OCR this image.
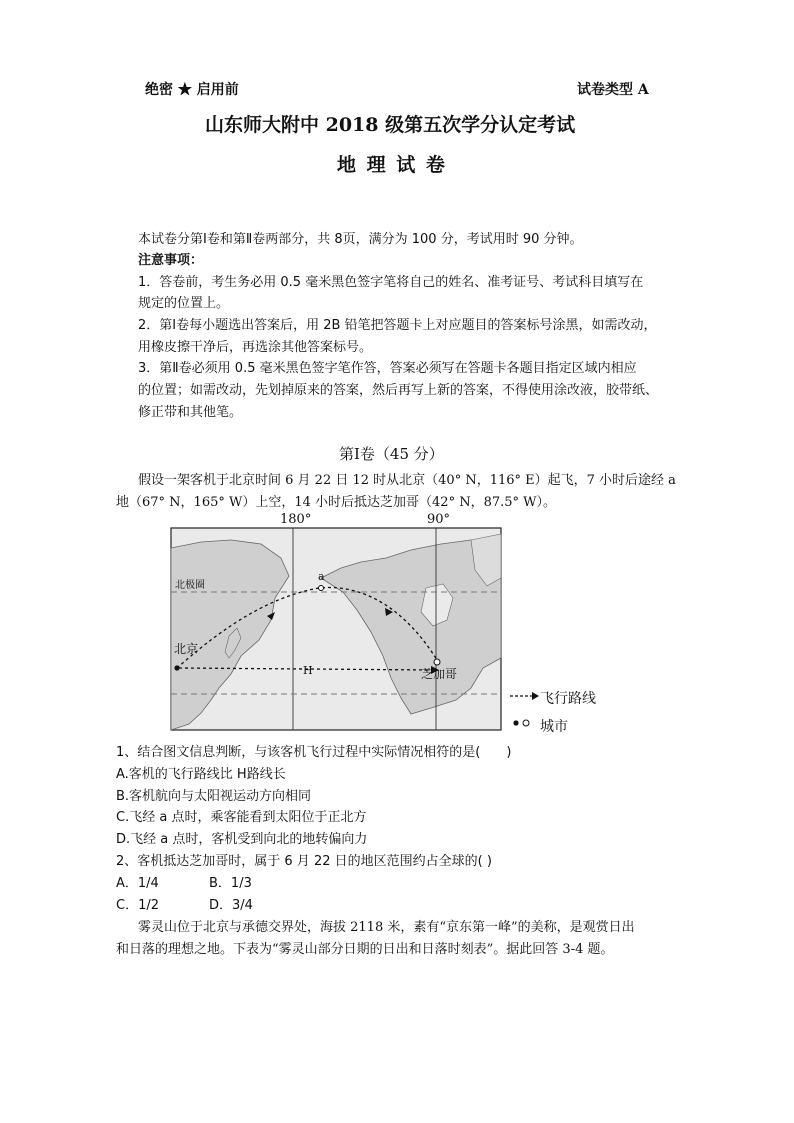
绝密 ★ 启用前	试卷类型 A
山东师大附中 2018 级第五次学分认定考试
地 理 试 卷
本试卷分第Ⅰ卷和第Ⅱ卷两部分，共 8页，满分为 100 分，考试用时 90 分钟。
注意事项：
1．答卷前，考生务必用 0.5 毫米黑色签字笔将自己的姓名、准考证号、考试科目填写在
规定的位置上。
2．第Ⅰ卷每小题选出答案后，用 2B 铅笔把答题卡上对应题目的答案标号涂黑，如需改动，
用橡皮擦干净后，再选涂其他答案标号。
3．第Ⅱ卷必须用 0.5 毫米黑色签字笔作答，答案必须写在答题卡各题目指定区域内相应
的位置；如需改动，先划掉原来的答案，然后再写上新的答案，不得使用涂改液，胶带纸、
修正带和其他笔。
第Ⅰ卷（45 分）
假设一架客机于北京时间 6 月 22 日 12 时从北京（40° N，116° E）起飞，7 小时后途经 a
地（67° N，165° W）上空，14 小时后抵达芝加哥（42° N，87.5° W）。
180°	90°
北极圈
北京
芝加哥
a
H
飞行路线
城市
1、结合图文信息判断，与该客机飞行过程中实际情况相符的是(　　)
A.客机的飞行路线比 H路线长
B.客机航向与太阳视运动方向相同
C.飞经 a 点时，乘客能看到太阳位于正北方
D.飞经 a 点时，客机受到向北的地转偏向力
2、客机抵达芝加哥时，属于 6 月 22 日的地区范围约占全球的( )
A．1/4	B．1/3
C．1/2	D．3/4
雾灵山位于北京与承德交界处，海拔 2118 米，素有“京东第一峰”的美称，是观赏日出
和日落的理想之地。下表为“雾灵山部分日期的日出和日落时刻表”。据此回答 3-4 题。
